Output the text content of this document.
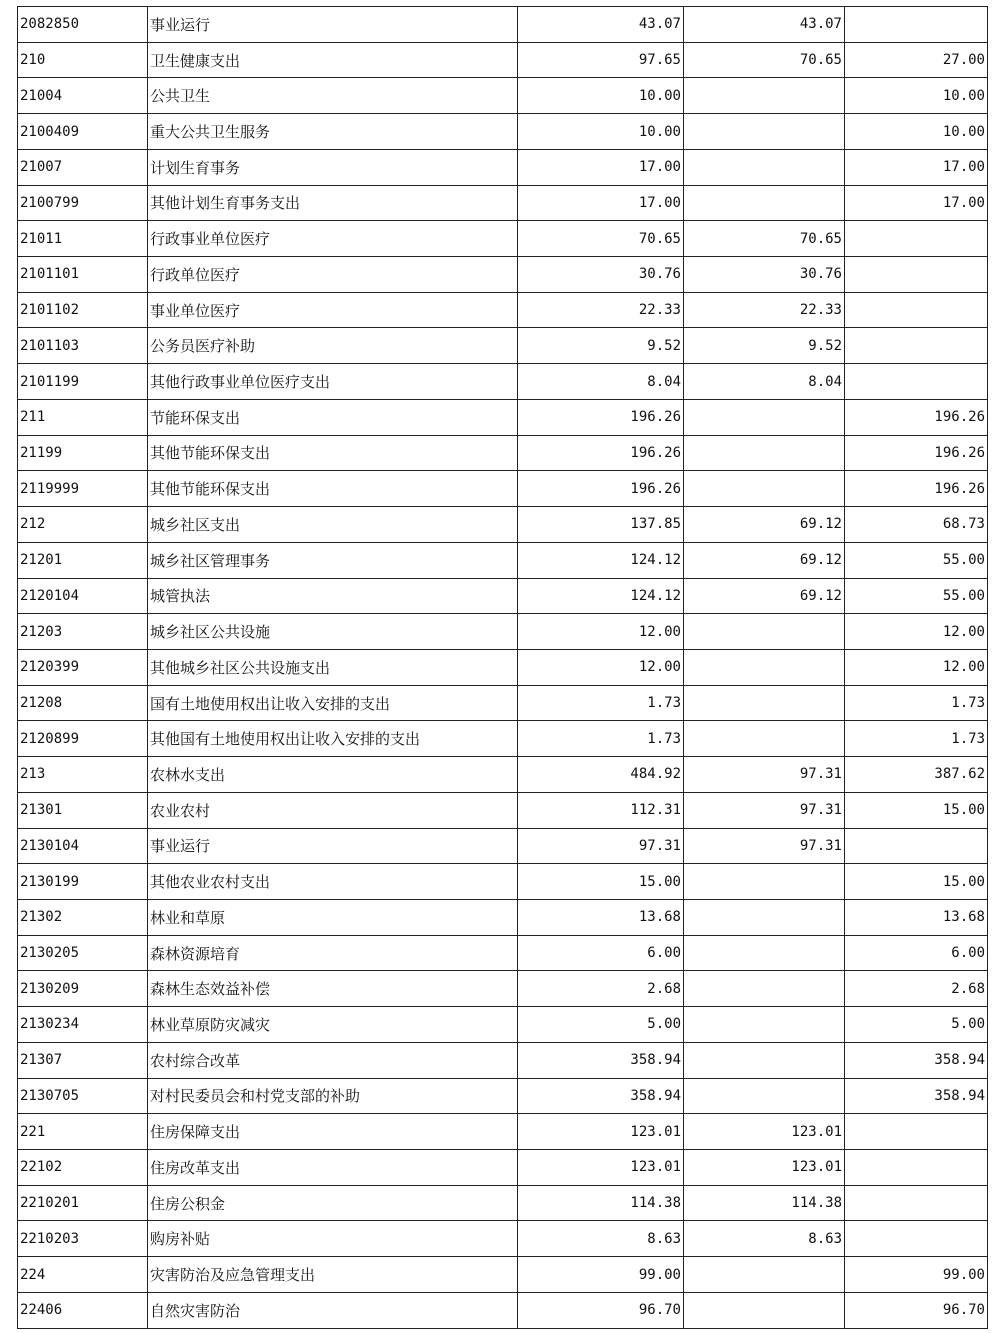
2082850	事业运行	43.07	43.07	
210	卫生健康支出	97.65	70.65	27.00
21004	公共卫生	10.00		10.00
2100409	重大公共卫生服务	10.00		10.00
21007	计划生育事务	17.00		17.00
2100799	其他计划生育事务支出	17.00		17.00
21011	行政事业单位医疗	70.65	70.65	
2101101	行政单位医疗	30.76	30.76	
2101102	事业单位医疗	22.33	22.33	
2101103	公务员医疗补助	9.52	9.52	
2101199	其他行政事业单位医疗支出	8.04	8.04	
211	节能环保支出	196.26		196.26
21199	其他节能环保支出	196.26		196.26
2119999	其他节能环保支出	196.26		196.26
212	城乡社区支出	137.85	69.12	68.73
21201	城乡社区管理事务	124.12	69.12	55.00
2120104	城管执法	124.12	69.12	55.00
21203	城乡社区公共设施	12.00		12.00
2120399	其他城乡社区公共设施支出	12.00		12.00
21208	国有土地使用权出让收入安排的支出	1.73		1.73
2120899	其他国有土地使用权出让收入安排的支出	1.73		1.73
213	农林水支出	484.92	97.31	387.62
21301	农业农村	112.31	97.31	15.00
2130104	事业运行	97.31	97.31	
2130199	其他农业农村支出	15.00		15.00
21302	林业和草原	13.68		13.68
2130205	森林资源培育	6.00		6.00
2130209	森林生态效益补偿	2.68		2.68
2130234	林业草原防灾减灾	5.00		5.00
21307	农村综合改革	358.94		358.94
2130705	对村民委员会和村党支部的补助	358.94		358.94
221	住房保障支出	123.01	123.01	
22102	住房改革支出	123.01	123.01	
2210201	住房公积金	114.38	114.38	
2210203	购房补贴	8.63	8.63	
224	灾害防治及应急管理支出	99.00		99.00
22406	自然灾害防治	96.70		96.70
